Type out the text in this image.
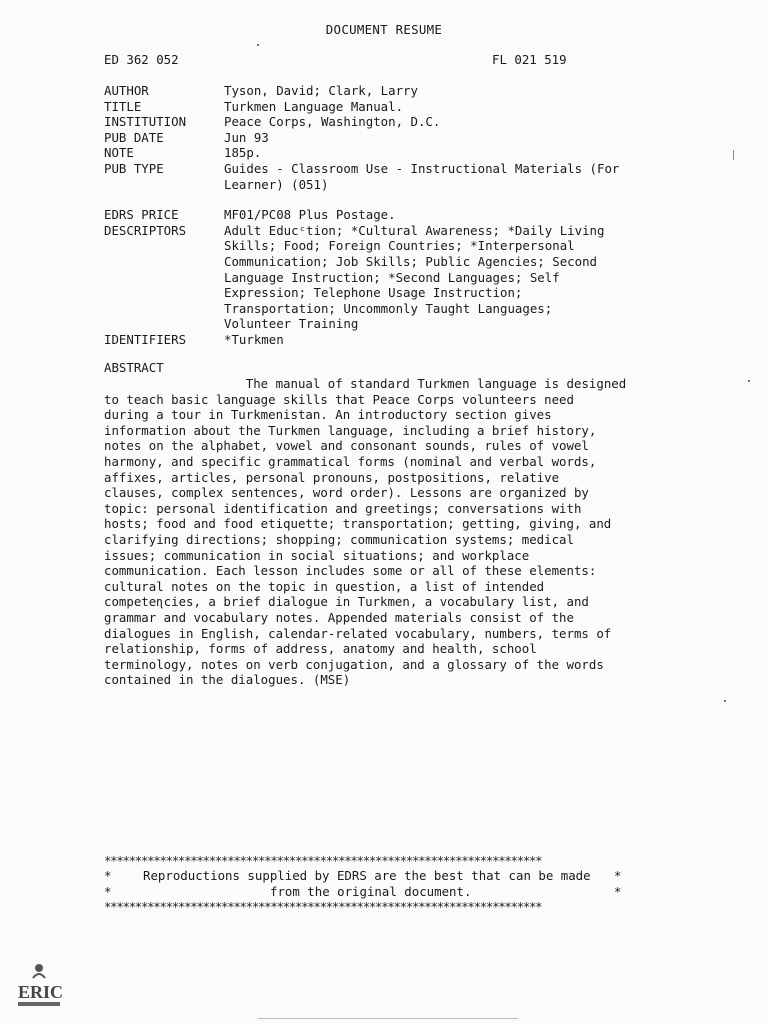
DOCUMENT RESUME
ED 362 052	FL 021 519
AUTHOR	Tyson, David; Clark, Larry
TITLE	Turkmen Language Manual.
INSTITUTION	Peace Corps, Washington, D.C.
PUB DATE	Jun 93
NOTE	185p.
PUB TYPE	Guides - Classroom Use - Instructional Materials (For
Learner) (051)
EDRS PRICE	MF01/PC08 Plus Postage.
DESCRIPTORS	Adult Educᶜtion; *Cultural Awareness; *Daily Living
Skills; Food; Foreign Countries; *Interpersonal
Communication; Job Skills; Public Agencies; Second
Language Instruction; *Second Languages; Self
Expression; Telephone Usage Instruction;
Transportation; Uncommonly Taught Languages;
Volunteer Training
IDENTIFIERS	*Turkmen
ABSTRACT
The manual of standard Turkmen language is designed
to teach basic language skills that Peace Corps volunteers need
during a tour in Turkmenistan. An introductory section gives
information about the Turkmen language, including a brief history,
notes on the alphabet, vowel and consonant sounds, rules of vowel
harmony, and specific grammatical forms (nominal and verbal words,
affixes, articles, personal pronouns, postpositions, relative
clauses, complex sentences, word order). Lessons are organized by
topic: personal identification and greetings; conversations with
hosts; food and food etiquette; transportation; getting, giving, and
clarifying directions; shopping; communication systems; medical
issues; communication in social situations; and workplace
communication. Each lesson includes some or all of these elements:
cultural notes on the topic in question, a list of intended
competeɳcies, a brief dialogue in Turkmen, a vocabulary list, and
grammar and vocabulary notes. Appended materials consist of the
dialogues in English, calendar-related vocabulary, numbers, terms of
relationship, forms of address, anatomy and health, school
terminology, notes on verb conjugation, and a glossary of the words
contained in the dialogues. (MSE)
***********************************************************************
*
*
Reproductions supplied by EDRS are the best that can be made
from the original document.
*
*
***********************************************************************
ERIC
